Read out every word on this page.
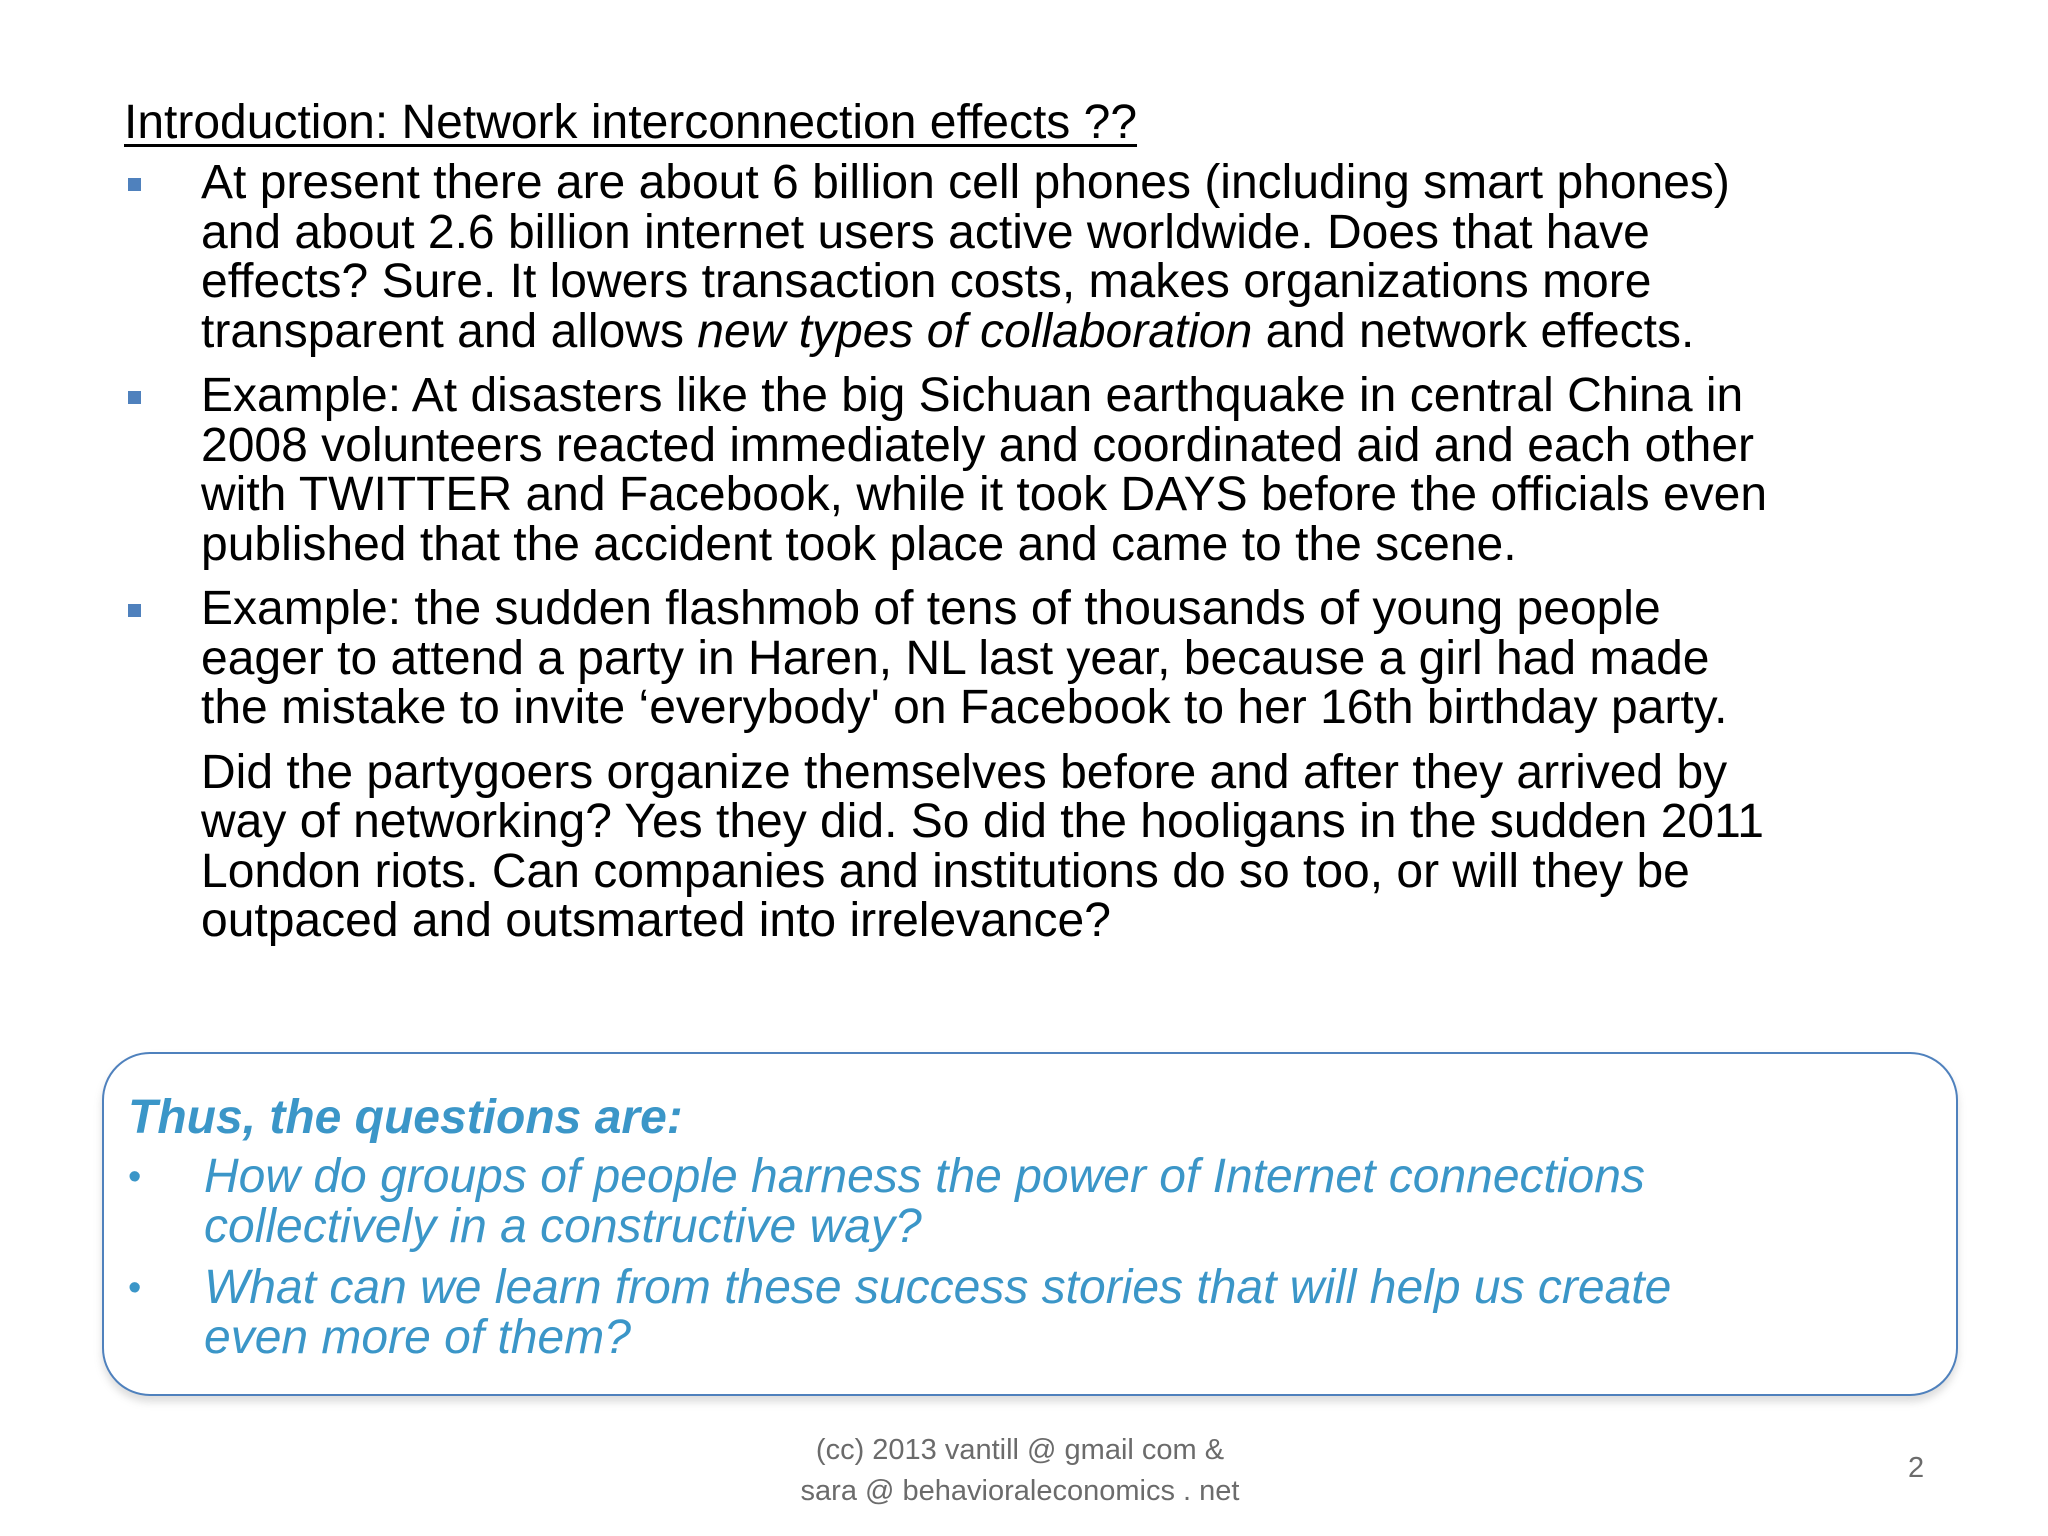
Introduction: Network interconnection effects ??
At present there are about 6 billion cell phones (including smart phones)
and about 2.6 billion internet users active worldwide. Does that have
effects? Sure. It lowers transaction costs, makes organizations more
transparent and allows new types of collaboration and network effects.
Example: At disasters like the big Sichuan earthquake in central China in
2008 volunteers reacted immediately and coordinated aid and each other
with TWITTER and Facebook, while it took DAYS before the officials even
published that the accident took place and came to the scene.
Example: the sudden flashmob of tens of thousands of young people
eager to attend a party in Haren, NL last year, because a girl had made
the mistake to invite ‘everybody' on Facebook to her 16th birthday party.
Did the partygoers organize themselves before and after they arrived by
way of networking? Yes they did. So did the hooligans in the sudden 2011
London riots. Can companies and institutions do so too, or will they be
outpaced and outsmarted into irrelevance?
Thus, the questions are:
• How do groups of people harness the power of Internet connections
collectively in a constructive way?
• What can we learn from these success stories that will help us create
even more of them?
(cc) 2013 vantill @ gmail com &
sara @ behavioraleconomics . net
2
